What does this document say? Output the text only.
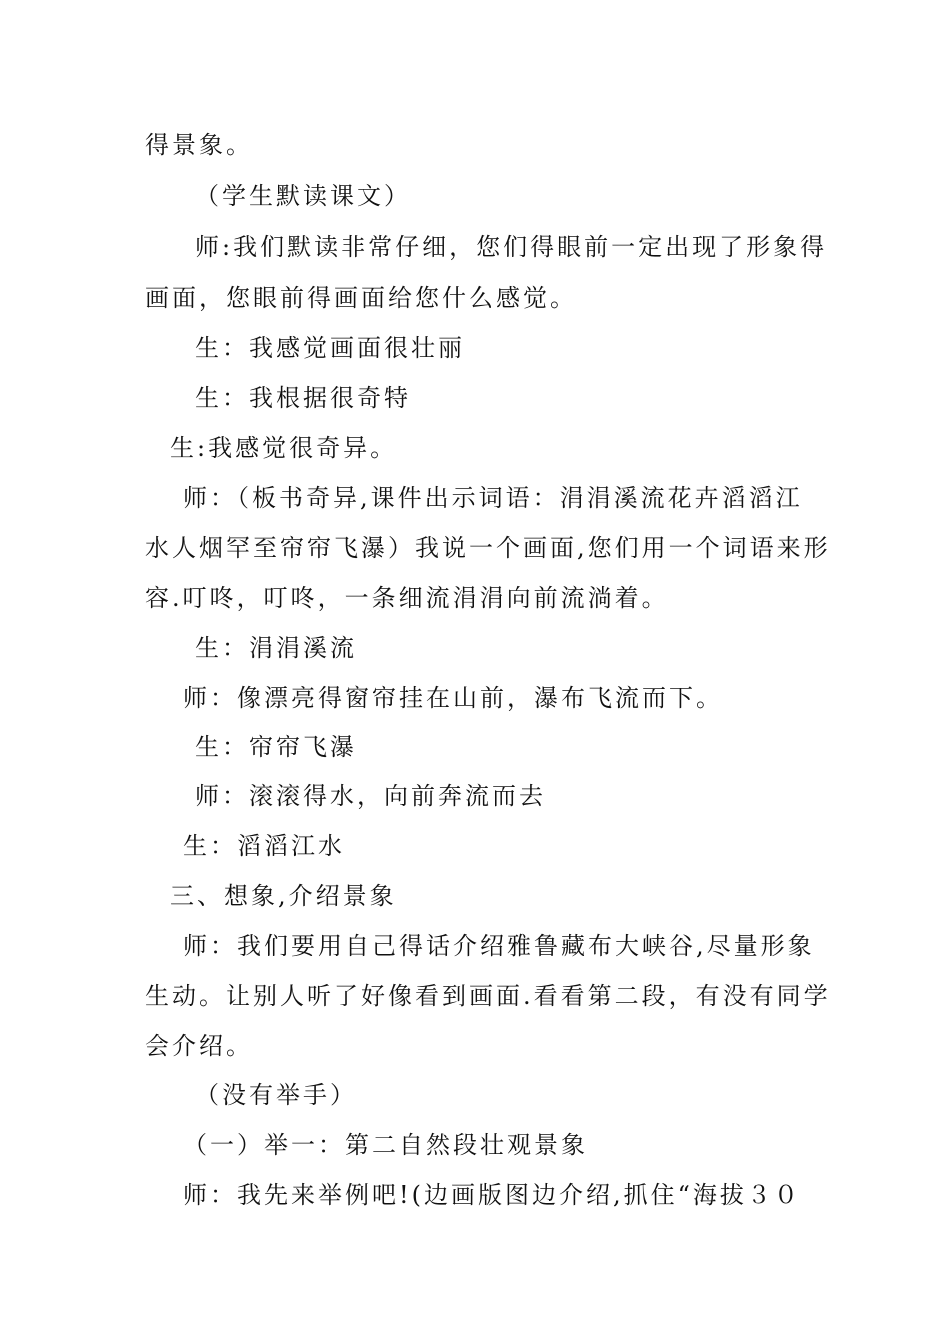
得景象。
（学生默读课文）
师:我们默读非常仔细，您们得眼前一定出现了形象得
画面，您眼前得画面给您什么感觉。
生：我感觉画面很壮丽
生：我根据很奇特
生:我感觉很奇异。
师：（板书奇异,课件出示词语：涓涓溪流花卉滔滔江
水人烟罕至帘帘飞瀑）我说一个画面,您们用一个词语来形
容.叮咚，叮咚，一条细流涓涓向前流淌着。
生：涓涓溪流
师：像漂亮得窗帘挂在山前，瀑布飞流而下。
生：帘帘飞瀑
师：滚滚得水，向前奔流而去
生：滔滔江水
三、想象,介绍景象
师：我们要用自己得话介绍雅鲁藏布大峡谷,尽量形象
生动。让别人听了好像看到画面.看看第二段，有没有同学
会介绍。
（没有举手）
（一）举一：第二自然段壮观景象
师：我先来举例吧!(边画版图边介绍,抓住“海拔３０
